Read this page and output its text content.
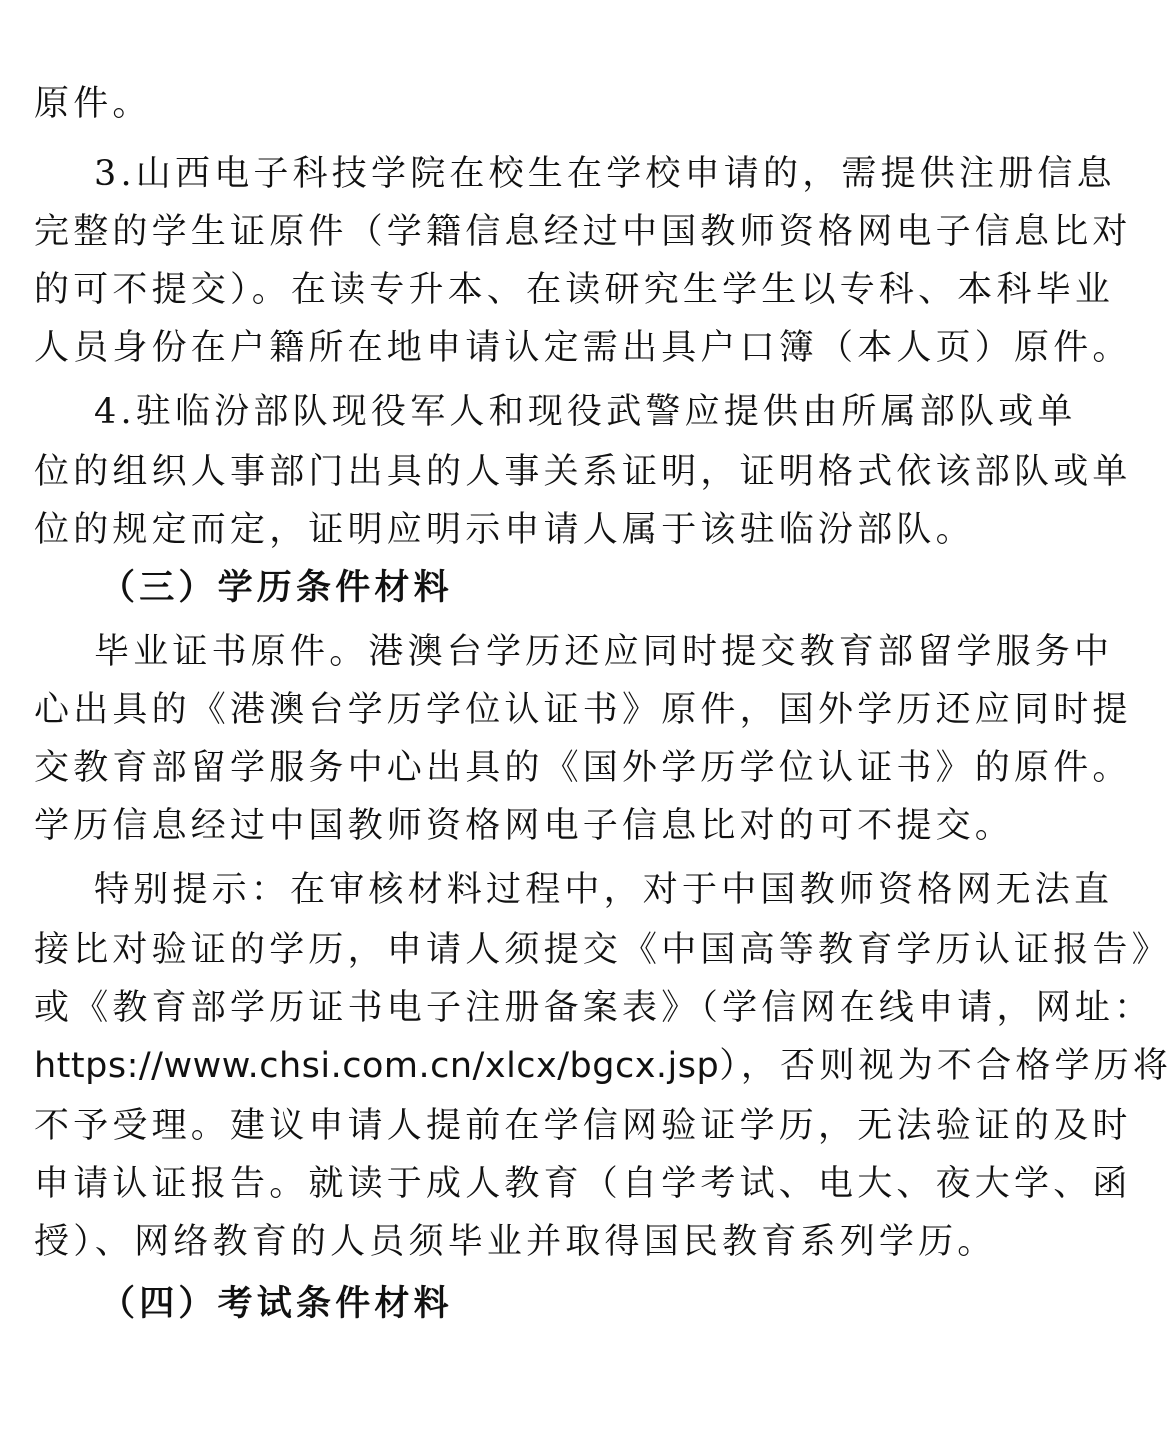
原件。
3.山西电子科技学院在校生在学校申请的，需提供注册信息
完整的学生证原件（学籍信息经过中国教师资格网电子信息比对
的可不提交）。在读专升本、在读研究生学生以专科、本科毕业
人员身份在户籍所在地申请认定需出具户口簿（本人页）原件。
4.驻临汾部队现役军人和现役武警应提供由所属部队或单
位的组织人事部门出具的人事关系证明，证明格式依该部队或单
位的规定而定，证明应明示申请人属于该驻临汾部队。
（三）学历条件材料
毕业证书原件。港澳台学历还应同时提交教育部留学服务中
心出具的《港澳台学历学位认证书》原件，国外学历还应同时提
交教育部留学服务中心出具的《国外学历学位认证书》的原件。
学历信息经过中国教师资格网电子信息比对的可不提交。
特别提示：在审核材料过程中，对于中国教师资格网无法直
接比对验证的学历，申请人须提交《中国高等教育学历认证报告》
或《教育部学历证书电子注册备案表》（学信网在线申请，网址：
https://www.chsi.com.cn/xlcx/bgcx.jsp），否则视为不合格学历将
不予受理。建议申请人提前在学信网验证学历，无法验证的及时
申请认证报告。就读于成人教育（自学考试、电大、夜大学、函
授）、网络教育的人员须毕业并取得国民教育系列学历。
（四）考试条件材料
